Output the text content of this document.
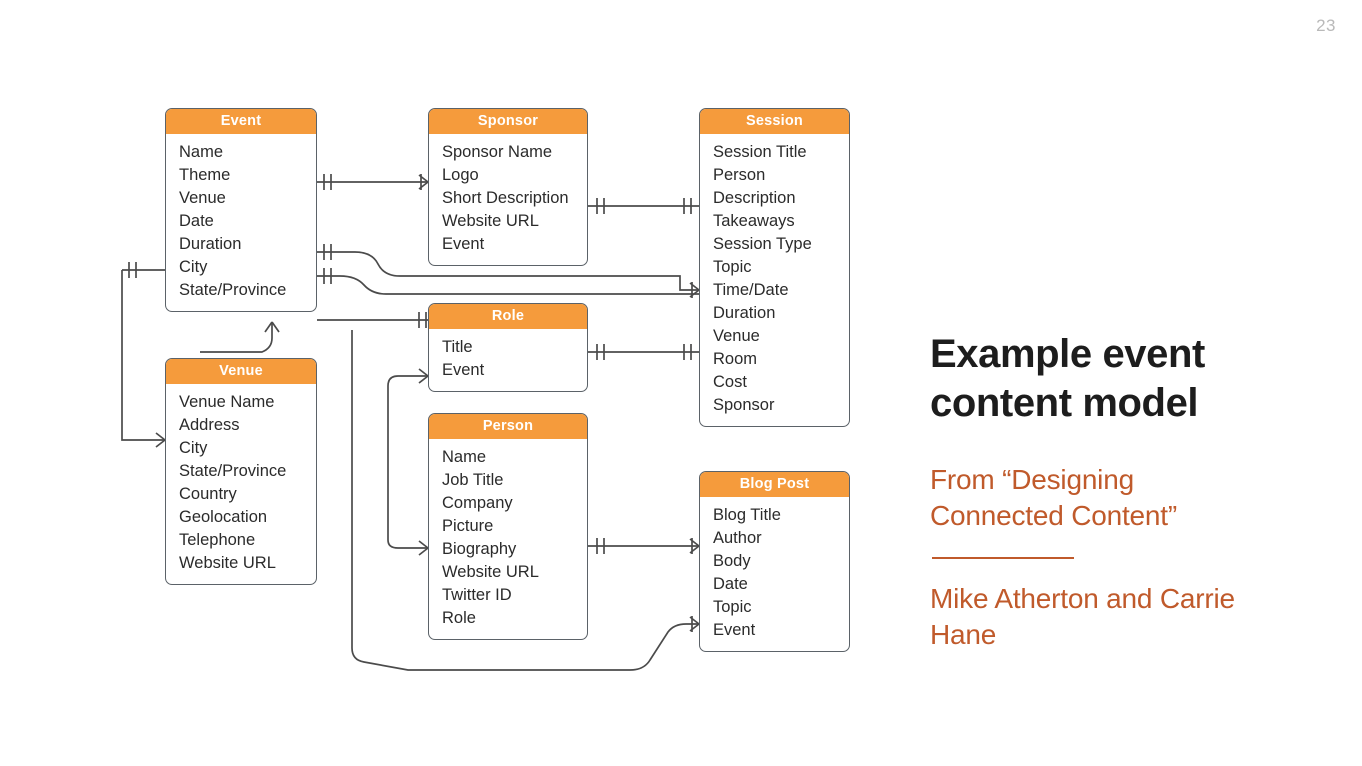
23
Event
Name
Theme
Venue
Date
Duration
City
State/Province
Sponsor
Sponsor Name
Logo
Short Description
Website URL
Event
Session
Session Title
Person
Description
Takeaways
Session Type
Topic
Time/Date
Duration
Venue
Room
Cost
Sponsor
Venue
Venue Name
Address
City
State/Province
Country
Geolocation
Telephone
Website URL
Role
Title
Event
Person
Name
Job Title
Company
Picture
Biography
Website URL
Twitter ID
Role
Blog Post
Blog Title
Author
Body
Date
Topic
Event
Example event content model
From “Designing Connected Content”
Mike Atherton and Carrie Hane
